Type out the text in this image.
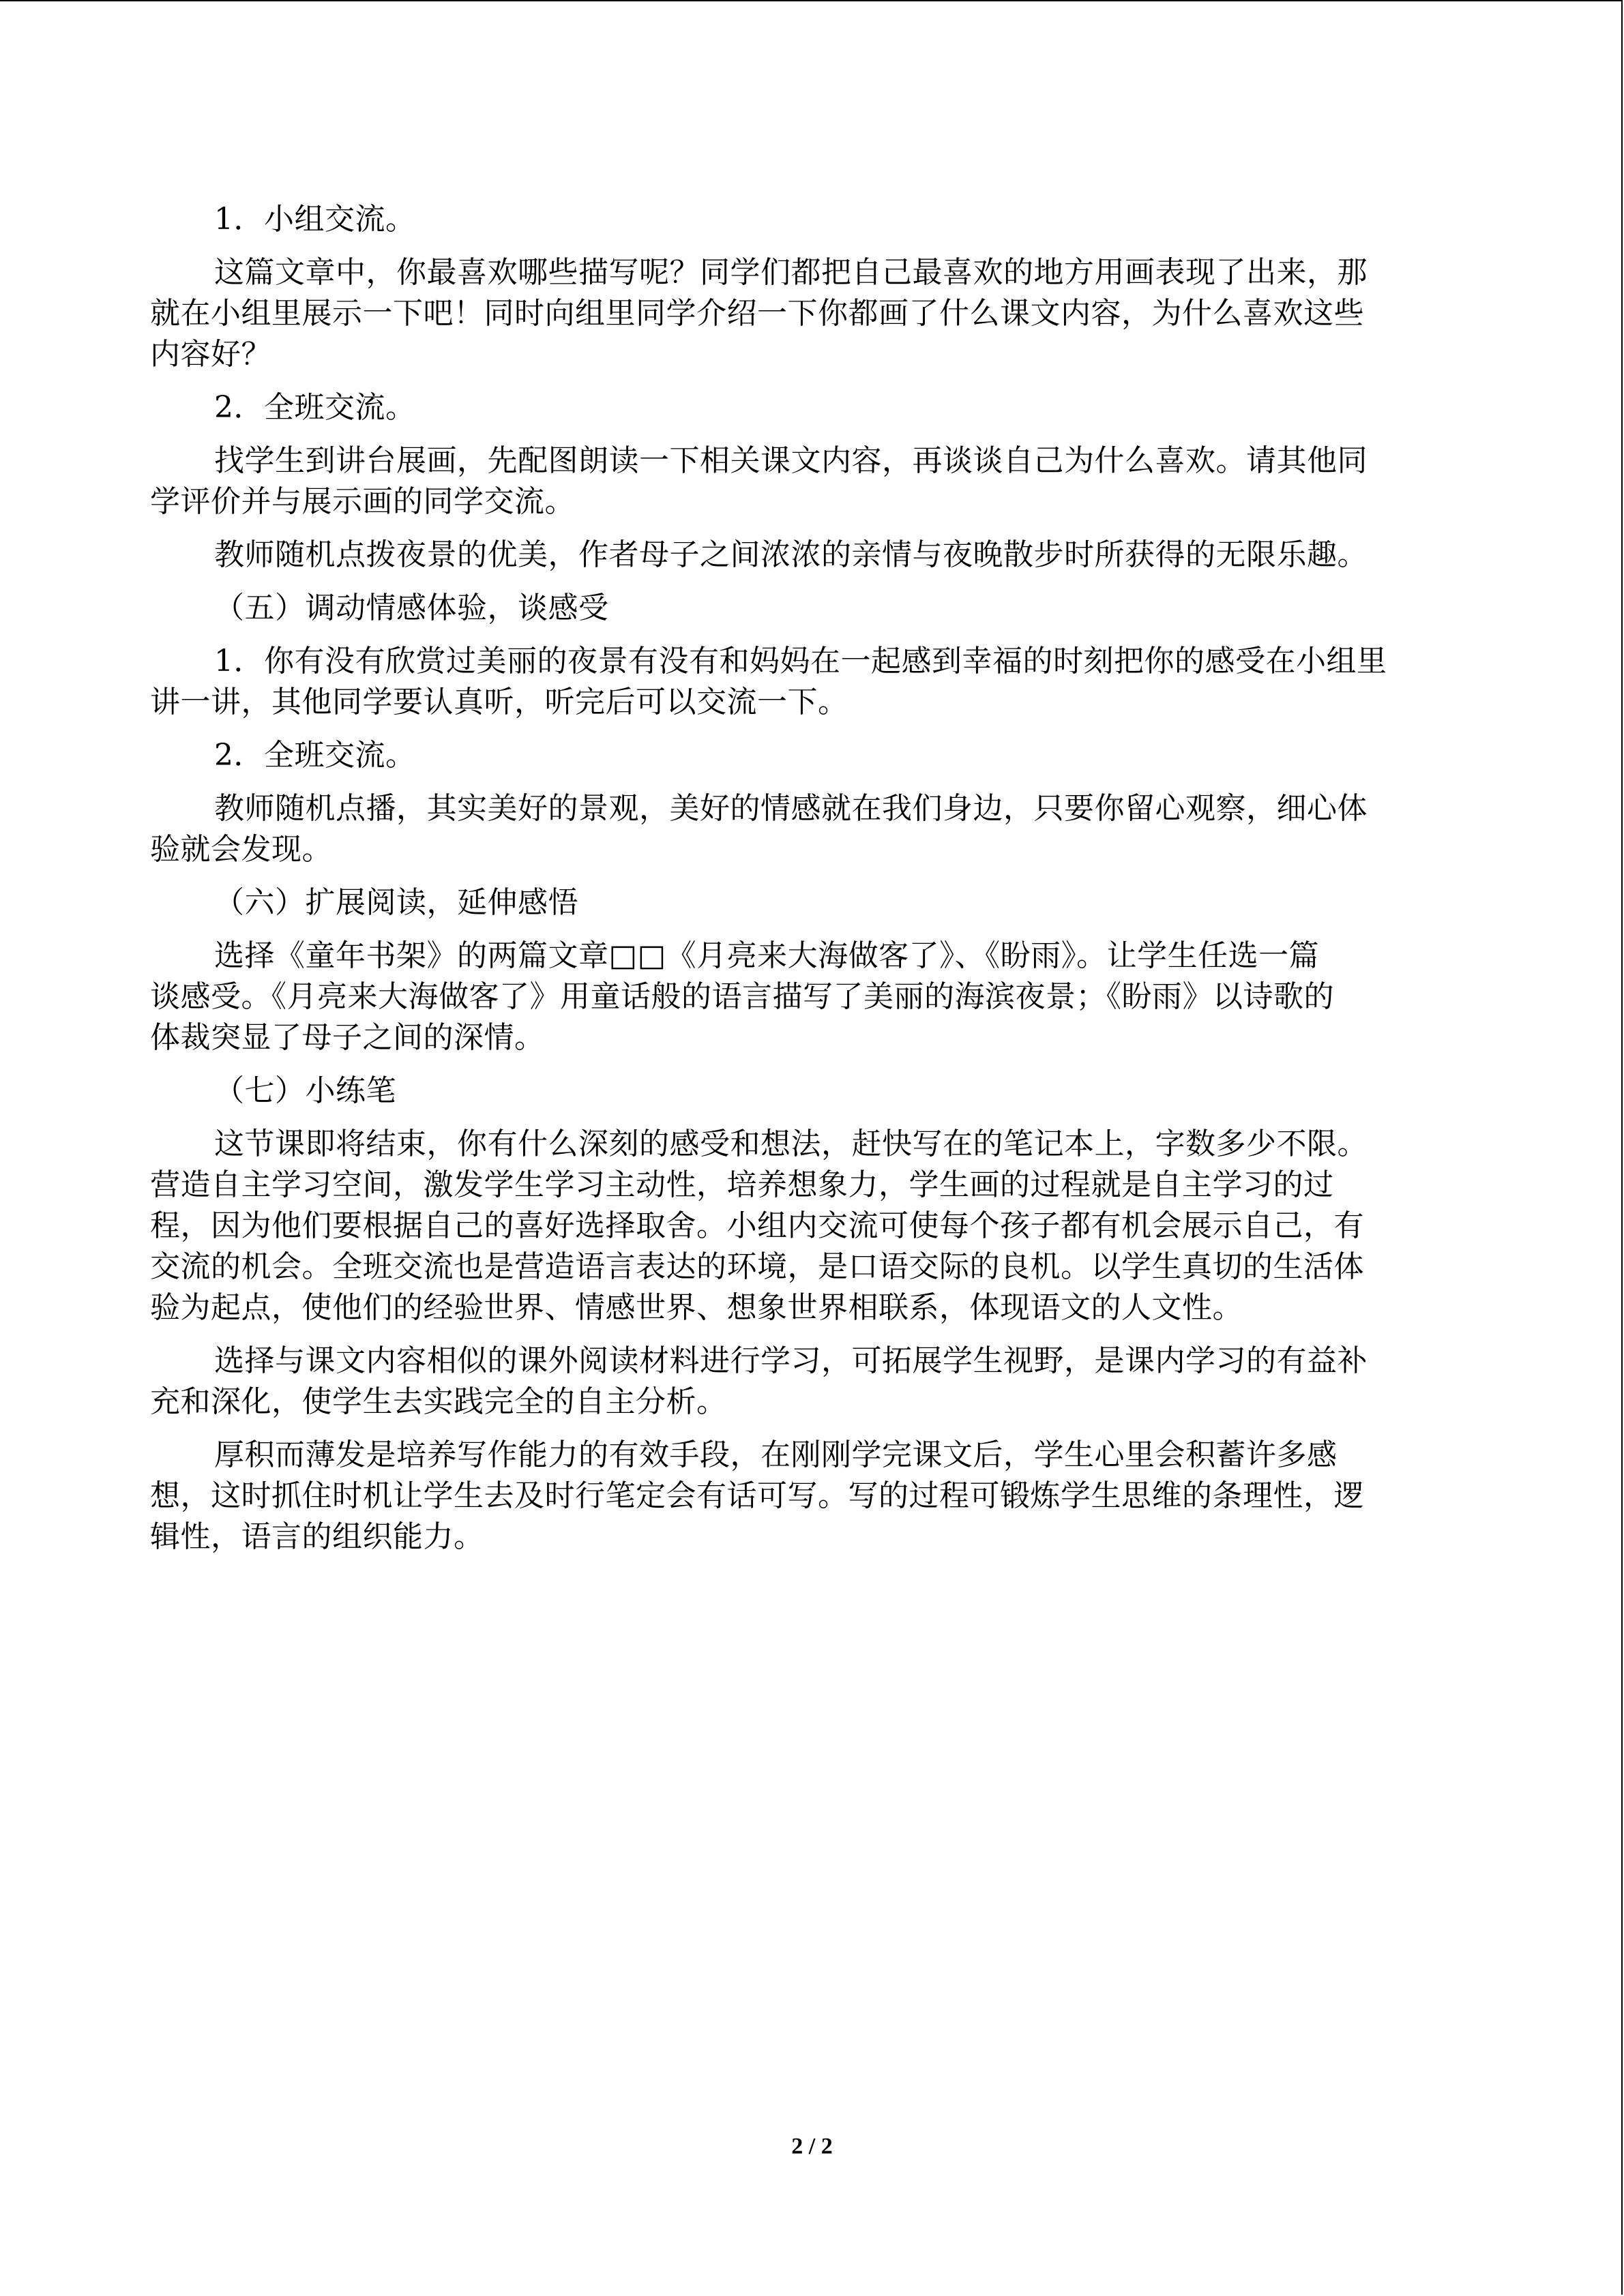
1．小组交流。

这篇文章中，你最喜欢哪些描写呢？同学们都把自己最喜欢的地方用画表现了出来，那

就在小组里展示一下吧！同时向组里同学介绍一下你都画了什么课文内容，为什么喜欢这些

内容好？

2．全班交流。

找学生到讲台展画，先配图朗读一下相关课文内容，再谈谈自己为什么喜欢。请其他同

学评价并与展示画的同学交流。

教师随机点拨夜景的优美，作者母子之间浓浓的亲情与夜晚散步时所获得的无限乐趣。

（五）调动情感体验，谈感受

1．你有没有欣赏过美丽的夜景有没有和妈妈在一起感到幸福的时刻把你的感受在小组里

讲一讲，其他同学要认真听，听完后可以交流一下。

2．全班交流。

教师随机点播，其实美好的景观，美好的情感就在我们身边，只要你留心观察，细心体

验就会发现。

（六）扩展阅读，延伸感悟

选择《童年书架》的两篇文章□□《月亮来大海做客了》、《盼雨》。让学生任选一篇

谈感受。《月亮来大海做客了》用童话般的语言描写了美丽的海滨夜景；《盼雨》以诗歌的

体裁突显了母子之间的深情。

（七）小练笔

这节课即将结束，你有什么深刻的感受和想法，赶快写在的笔记本上，字数多少不限。

营造自主学习空间，激发学生学习主动性，培养想象力，学生画的过程就是自主学习的过

程，因为他们要根据自己的喜好选择取舍。小组内交流可使每个孩子都有机会展示自己，有

交流的机会。全班交流也是营造语言表达的环境，是口语交际的良机。以学生真切的生活体

验为起点，使他们的经验世界、情感世界、想象世界相联系，体现语文的人文性。

选择与课文内容相似的课外阅读材料进行学习，可拓展学生视野，是课内学习的有益补

充和深化，使学生去实践完全的自主分析。

厚积而薄发是培养写作能力的有效手段，在刚刚学完课文后，学生心里会积蓄许多感

想，这时抓住时机让学生去及时行笔定会有话可写。写的过程可锻炼学生思维的条理性，逻

辑性，语言的组织能力。

2 / 2
